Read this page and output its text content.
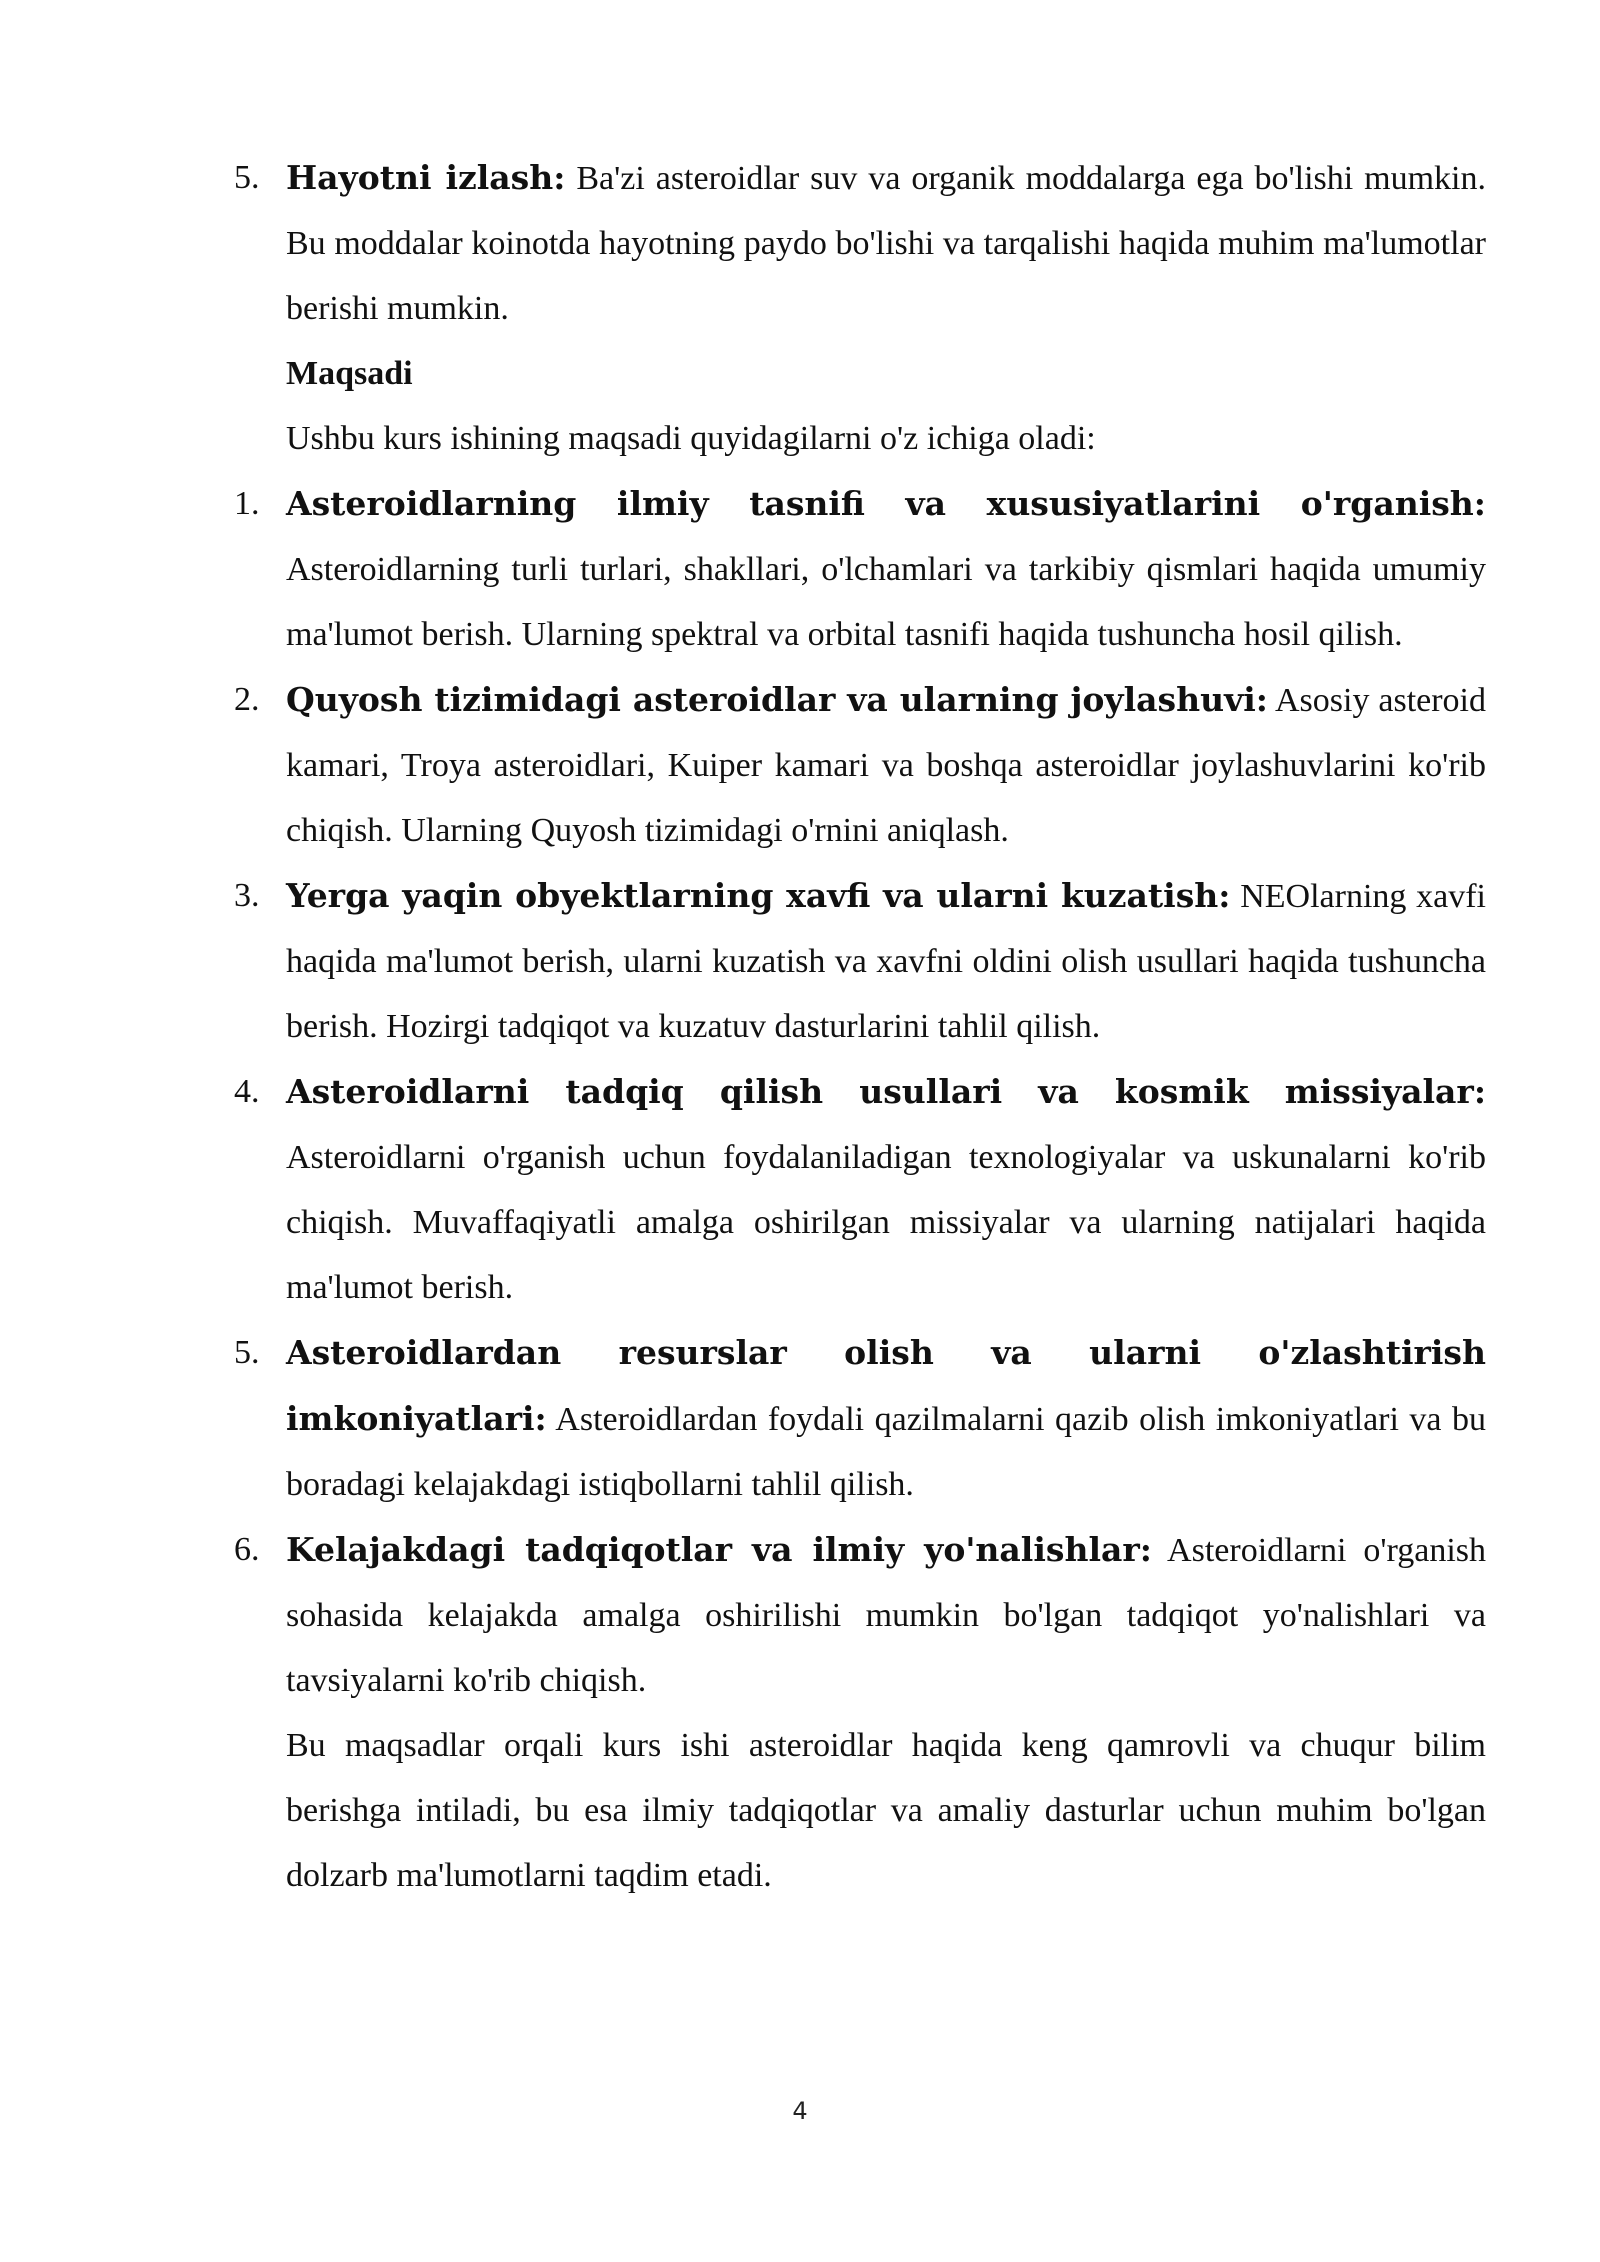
5. Hayotni izlash: Ba'zi asteroidlar suv va organik moddalarga ega bo'lishi mumkin. Bu moddalar koinotda hayotning paydo bo'lishi va tarqalishi haqida muhim ma'lumotlar berishi mumkin.
Maqsadi
Ushbu kurs ishining maqsadi quyidagilarni o'z ichiga oladi:
1. Asteroidlarning ilmiy tasnifi va xususiyatlarini o'rganish: Asteroidlarning turli turlari, shakllari, o'lchamlari va tarkibiy qismlari haqida umumiy ma'lumot berish. Ularning spektral va orbital tasnifi haqida tushuncha hosil qilish.
2. Quyosh tizimidagi asteroidlar va ularning joylashuvi: Asosiy asteroid kamari, Troya asteroidlari, Kuiper kamari va boshqa asteroidlar joylashuvlarini ko'rib chiqish. Ularning Quyosh tizimidagi o'rnini aniqlash.
3. Yerga yaqin obyektlarning xavfi va ularni kuzatish: NEOlarning xavfi haqida ma'lumot berish, ularni kuzatish va xavfni oldini olish usullari haqida tushuncha berish. Hozirgi tadqiqot va kuzatuv dasturlarini tahlil qilish.
4. Asteroidlarni tadqiq qilish usullari va kosmik missiyalar: Asteroidlarni o'rganish uchun foydalaniladigan texnologiyalar va uskunalarni ko'rib chiqish. Muvaffaqiyatli amalga oshirilgan missiyalar va ularning natijalari haqida ma'lumot berish.
5. Asteroidlardan resurslar olish va ularni o'zlashtirish imkoniyatlari: Asteroidlardan foydali qazilmalarni qazib olish imkoniyatlari va bu boradagi kelajakdagi istiqbollarni tahlil qilish.
6. Kelajakdagi tadqiqotlar va ilmiy yo'nalishlar: Asteroidlarni o'rganish sohasida kelajakda amalga oshirilishi mumkin bo'lgan tadqiqot yo'nalishlari va tavsiyalarni ko'rib chiqish.
Bu maqsadlar orqali kurs ishi asteroidlar haqida keng qamrovli va chuqur bilim berishga intiladi, bu esa ilmiy tadqiqotlar va amaliy dasturlar uchun muhim bo'lgan dolzarb ma'lumotlarni taqdim etadi.
4
